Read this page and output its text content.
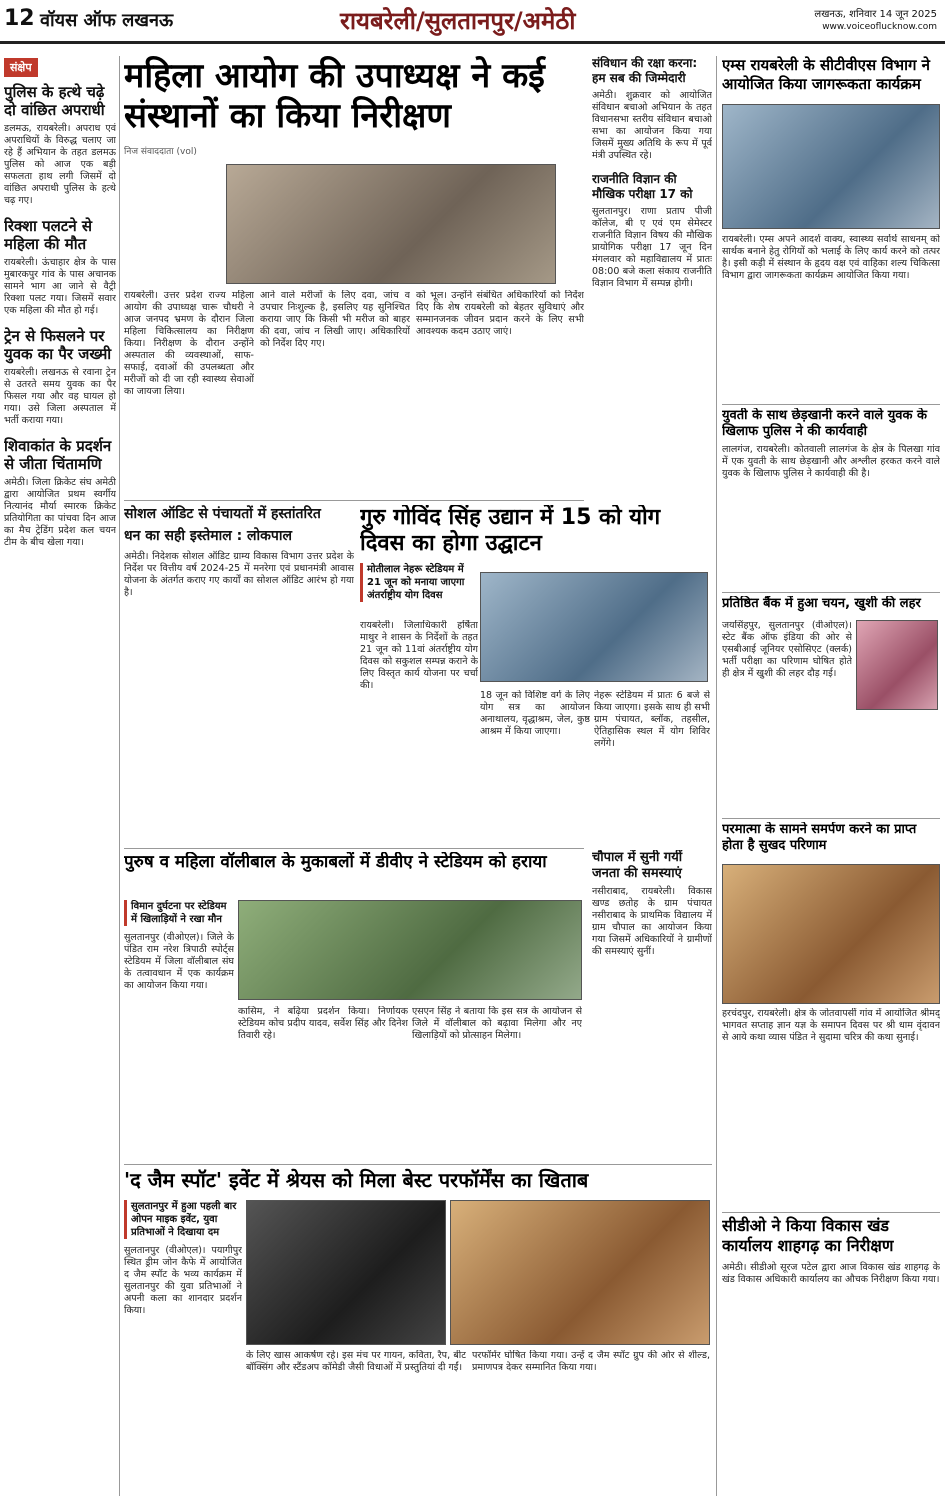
12 वॉयस ऑफ लखनऊ	रायबरेली/सुलतानपुर/अमेठी	लखनऊ, शनिवार 14 जून 2025
www.voiceoflucknow.com
संक्षेप
पुलिस के हत्थे चढ़े दो वांछित अपराधी
डलमऊ, रायबरेली। अपराध एवं अपराधियों के विरुद्ध चलाए जा रहे हैं अभियान के तहत डलमऊ पुलिस को आज एक बड़ी सफलता हाथ लगी जिसमें दो वांछित अपराधी पुलिस के हत्थे चढ़ गए।
रिक्शा पलटने से महिला की मौत
रायबरेली। ऊंचाहार क्षेत्र के पास मुबारकपुर गांव के पास अचानक सामने भाग आ जाने से वैट्री रिक्शा पलट गया। जिसमें सवार एक महिला की मौत हो गई।
ट्रेन से फिसलने पर युवक का पैर जख्मी
रायबरेली। लखनऊ से रवाना ट्रेन से उतरते समय युवक का पैर फिसल गया और वह घायल हो गया। उसे जिला अस्पताल में भर्ती कराया गया।
शिवाकांत के प्रदर्शन से जीता चिंतामणि
अमेठी। जिला क्रिकेट संघ अमेठी द्वारा आयोजित प्रथम स्वर्गीय नित्यानंद मौर्या स्मारक क्रिकेट प्रतियोगिता का पांचवा दिन आज का मैच ट्रेडिंग प्रदेश कल चयन टीम के बीच खेला गया।
महिला आयोग की उपाध्यक्ष ने कई संस्थानों का किया निरीक्षण
निज संवाददाता (vol)
रायबरेली। उत्तर प्रदेश राज्य महिला आयोग की उपाध्यक्ष चारू चौधरी ने आज जनपद भ्रमण के दौरान जिला महिला चिकित्सालय का निरीक्षण किया। निरीक्षण के दौरान उन्होंने अस्पताल की व्यवस्थाओं, साफ-सफाई, दवाओं की उपलब्धता और मरीजों को दी जा रही स्वास्थ्य सेवाओं का जायजा लिया।
आने वाले मरीजों के लिए दवा, जांच व उपचार निःशुल्क है, इसलिए यह सुनिश्चित कराया जाए कि किसी भी मरीज को बाहर की दवा, जांच न लिखी जाए। अधिकारियों को निर्देश दिए गए।
को भूल। उन्होंने संबंधित अधिकारियों को निर्देश दिए कि शेष रायबरेली को बेहतर सुविधाएं और सम्मानजनक जीवन प्रदान करने के लिए सभी आवश्यक कदम उठाए जाएं।
संविधान की रक्षा करना: हम सब की जिम्मेदारी
अमेठी। शुक्रवार को आयोजित संविधान बचाओ अभियान के तहत विधानसभा स्तरीय संविधान बचाओ सभा का आयोजन किया गया जिसमें मुख्य अतिथि के रूप में पूर्व मंत्री उपस्थित रहे।
राजनीति विज्ञान की मौखिक परीक्षा 17 को
सुलतानपुर। राणा प्रताप पीजी कॉलेज, बी ए एवं एम सेमेस्टर राजनीति विज्ञान विषय की मौखिक प्रायोगिक परीक्षा 17 जून दिन मंगलवार को महाविद्यालय में प्रातः 08:00 बजे कला संकाय राजनीति विज्ञान विभाग में सम्पन्न होगी।
सोशल ऑडिट से पंचायतों में हस्तांतरित
धन का सही इस्तेमाल : लोकपाल
अमेठी। निदेशक सोशल ऑडिट ग्राम्य विकास विभाग उत्तर प्रदेश के निर्देश पर वित्तीय वर्ष 2024-25 में मनरेगा एवं प्रधानमंत्री आवास योजना के अंतर्गत कराए गए कार्यों का सोशल ऑडिट आरंभ हो गया है।
गुरु गोविंद सिंह उद्यान में 15 को योग दिवस का होगा उद्घाटन
मोतीलाल नेहरू स्टेडियम में 21 जून को मनाया जाएगा अंतर्राष्ट्रीय योग दिवस
रायबरेली। जिलाधिकारी हर्षिता माथुर ने शासन के निर्देशों के तहत 21 जून को 11वां अंतर्राष्ट्रीय योग दिवस को सकुशल सम्पन्न कराने के लिए विस्तृत कार्य योजना पर चर्चा की।
18 जून को विशिष्ट वर्ग के लिए योग सत्र का आयोजन अनाथालय, वृद्धाश्रम, जेल, कुष्ठ आश्रम में किया जाएगा।
नेहरू स्टेडियम में प्रातः 6 बजे से किया जाएगा। इसके साथ ही सभी ग्राम पंचायत, ब्लॉक, तहसील, ऐतिहासिक स्थल में योग शिविर लगेंगे।
चौपाल में सुनी गयीं जनता की समस्याएं
नसीराबाद, रायबरेली। विकास खण्ड छतोह के ग्राम पंचायत नसीराबाद के प्राथमिक विद्यालय में ग्राम चौपाल का आयोजन किया गया जिसमें अधिकारियों ने ग्रामीणों की समस्याएं सुनीं।
पुरुष व महिला वॉलीबाल के मुकाबलों में डीवीए ने स्टेडियम को हराया
विमान दुर्घटना पर स्टेडियम में खिलाड़ियों ने रखा मौन
सुलतानपुर (वीओएल)। जिले के पंडित राम नरेश त्रिपाठी स्पोर्ट्स स्टेडियम में जिला वॉलीबाल संघ के तत्वावधान में एक कार्यक्रम का आयोजन किया गया।
कासिम, ने बढ़िया प्रदर्शन किया। निर्णायक स्टेडियम कोच प्रदीप यादव, सर्वेश सिंह और दिनेश तिवारी रहे।
एसएन सिंह ने बताया कि इस सत्र के आयोजन से जिले में वॉलीबाल को बढ़ावा मिलेगा और नए खिलाड़ियों को प्रोत्साहन मिलेगा।
'द जैम स्पॉट' इवेंट में श्रेयस को मिला बेस्ट परफॉर्मेंस का खिताब
सुलतानपुर में हुआ पहली बार ओपन माइक इवेंट, युवा प्रतिभाओं ने दिखाया दम
सुलतानपुर (वीओएल)। पयागीपुर स्थित ड्रीम जोन कैफे में आयोजित द जैम स्पॉट के भव्य कार्यक्रम में सुलतानपुर की युवा प्रतिभाओं ने अपनी कला का शानदार प्रदर्शन किया।
के लिए खास आकर्षण रहे। इस मंच पर गायन, कविता, रैप, बीट बॉक्सिंग और स्टैंडअप कॉमेडी जैसी विधाओं में प्रस्तुतियां दी गईं।
परफॉर्मर घोषित किया गया। उन्हें द जैम स्पॉट ग्रुप की ओर से शील्ड, प्रमाणपत्र देकर सम्मानित किया गया।
एम्स रायबरेली के सीटीवीएस विभाग ने आयोजित किया जागरूकता कार्यक्रम
रायबरेली। एम्स अपने आदर्श वाक्य, स्वास्थ्य सर्वार्थ साधनम् को सार्थक बनाने हेतु रोगियों को भलाई के लिए कार्य करने को तत्पर है। इसी कड़ी में संस्थान के हृदय वक्ष एवं वाहिका शल्य चिकित्सा विभाग द्वारा जागरूकता कार्यक्रम आयोजित किया गया।
युवती के साथ छेड़खानी करने वाले युवक के खिलाफ पुलिस ने की कार्यवाही
लालगंज, रायबरेली। कोतवाली लालगंज के क्षेत्र के पिलखा गांव में एक युवती के साथ छेड़खानी और अश्लील हरकत करने वाले युवक के खिलाफ पुलिस ने कार्यवाही की है।
प्रतिष्ठित बैंक में हुआ चयन, खुशी की लहर
जयसिंहपुर, सुलतानपुर (वीओएल)। स्टेट बैंक ऑफ इंडिया की ओर से एसबीआई जूनियर एसोसिएट (क्लर्क) भर्ती परीक्षा का परिणाम घोषित होते ही क्षेत्र में खुशी की लहर दौड़ गई।
परमात्मा के सामने समर्पण करने का प्राप्त होता है सुखद परिणाम
हरचंदपुर, रायबरेली। क्षेत्र के जोतवापर्सी गांव में आयोजित श्रीमद् भागवत सप्ताह ज्ञान यज्ञ के समापन दिवस पर श्री धाम वृंदावन से आये कथा व्यास पंडित ने सुदामा चरित्र की कथा सुनाई।
सीडीओ ने किया विकास खंड कार्यालय शाहगढ़ का निरीक्षण
अमेठी। सीडीओ सूरज पटेल द्वारा आज विकास खंड शाहगढ़ के खंड विकास अधिकारी कार्यालय का औचक निरीक्षण किया गया।
